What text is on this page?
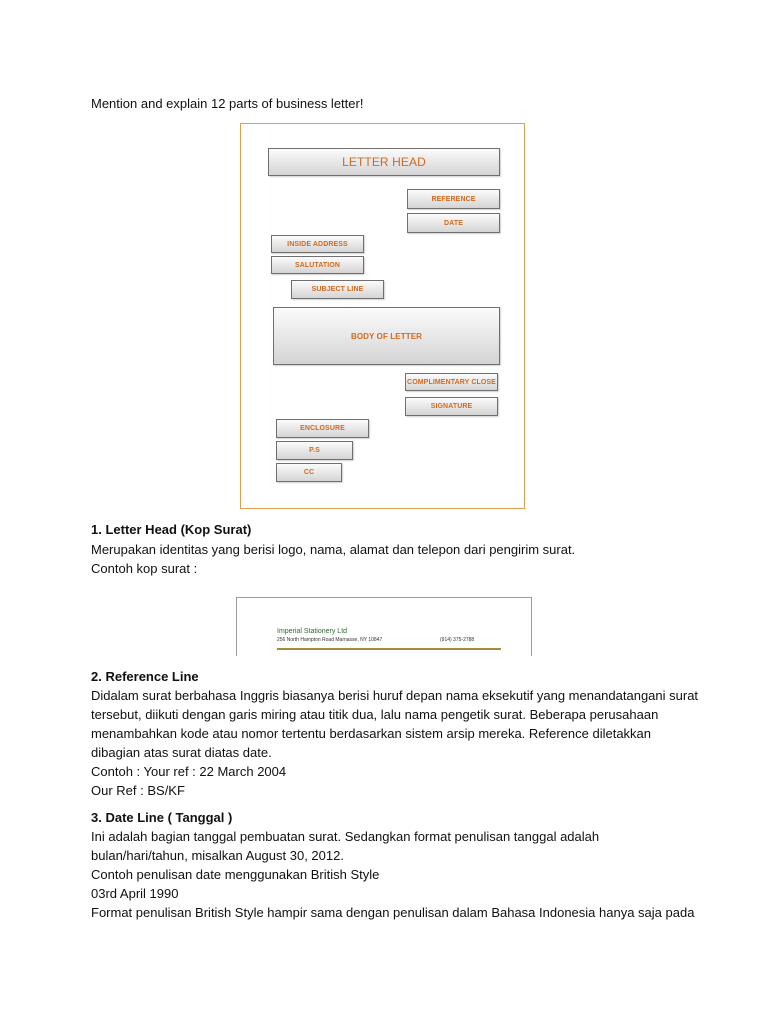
Mention and explain 12 parts of business letter!
LETTER HEAD
REFERENCE
DATE
INSIDE ADDRESS
SALUTATION
SUBJECT LINE
BODY OF LETTER
COMPLIMENTARY CLOSE
SIGNATURE
ENCLOSURE
P.S
CC
1. Letter Head (Kop Surat)
Merupakan identitas yang berisi logo, nama, alamat dan telepon dari pengirim surat.
Contoh kop surat :
Imperial Stationery Ltd
256 North Hampton Road Marnasse, NY 10847	(914) 375-2788
2. Reference Line
Didalam surat berbahasa Inggris biasanya berisi huruf depan nama eksekutif yang menandatangani surat
tersebut, diikuti dengan garis miring atau titik dua, lalu nama pengetik surat. Beberapa perusahaan
menambahkan kode atau nomor tertentu berdasarkan sistem arsip mereka. Reference diletakkan
dibagian atas surat diatas date.
Contoh : Your ref : 22 March 2004
Our Ref : BS/KF
3. Date Line ( Tanggal )
Ini adalah bagian tanggal pembuatan surat. Sedangkan format penulisan tanggal adalah
bulan/hari/tahun, misalkan August 30, 2012.
Contoh penulisan date menggunakan British Style
03rd April 1990
Format penulisan British Style hampir sama dengan penulisan dalam Bahasa Indonesia hanya saja pada
